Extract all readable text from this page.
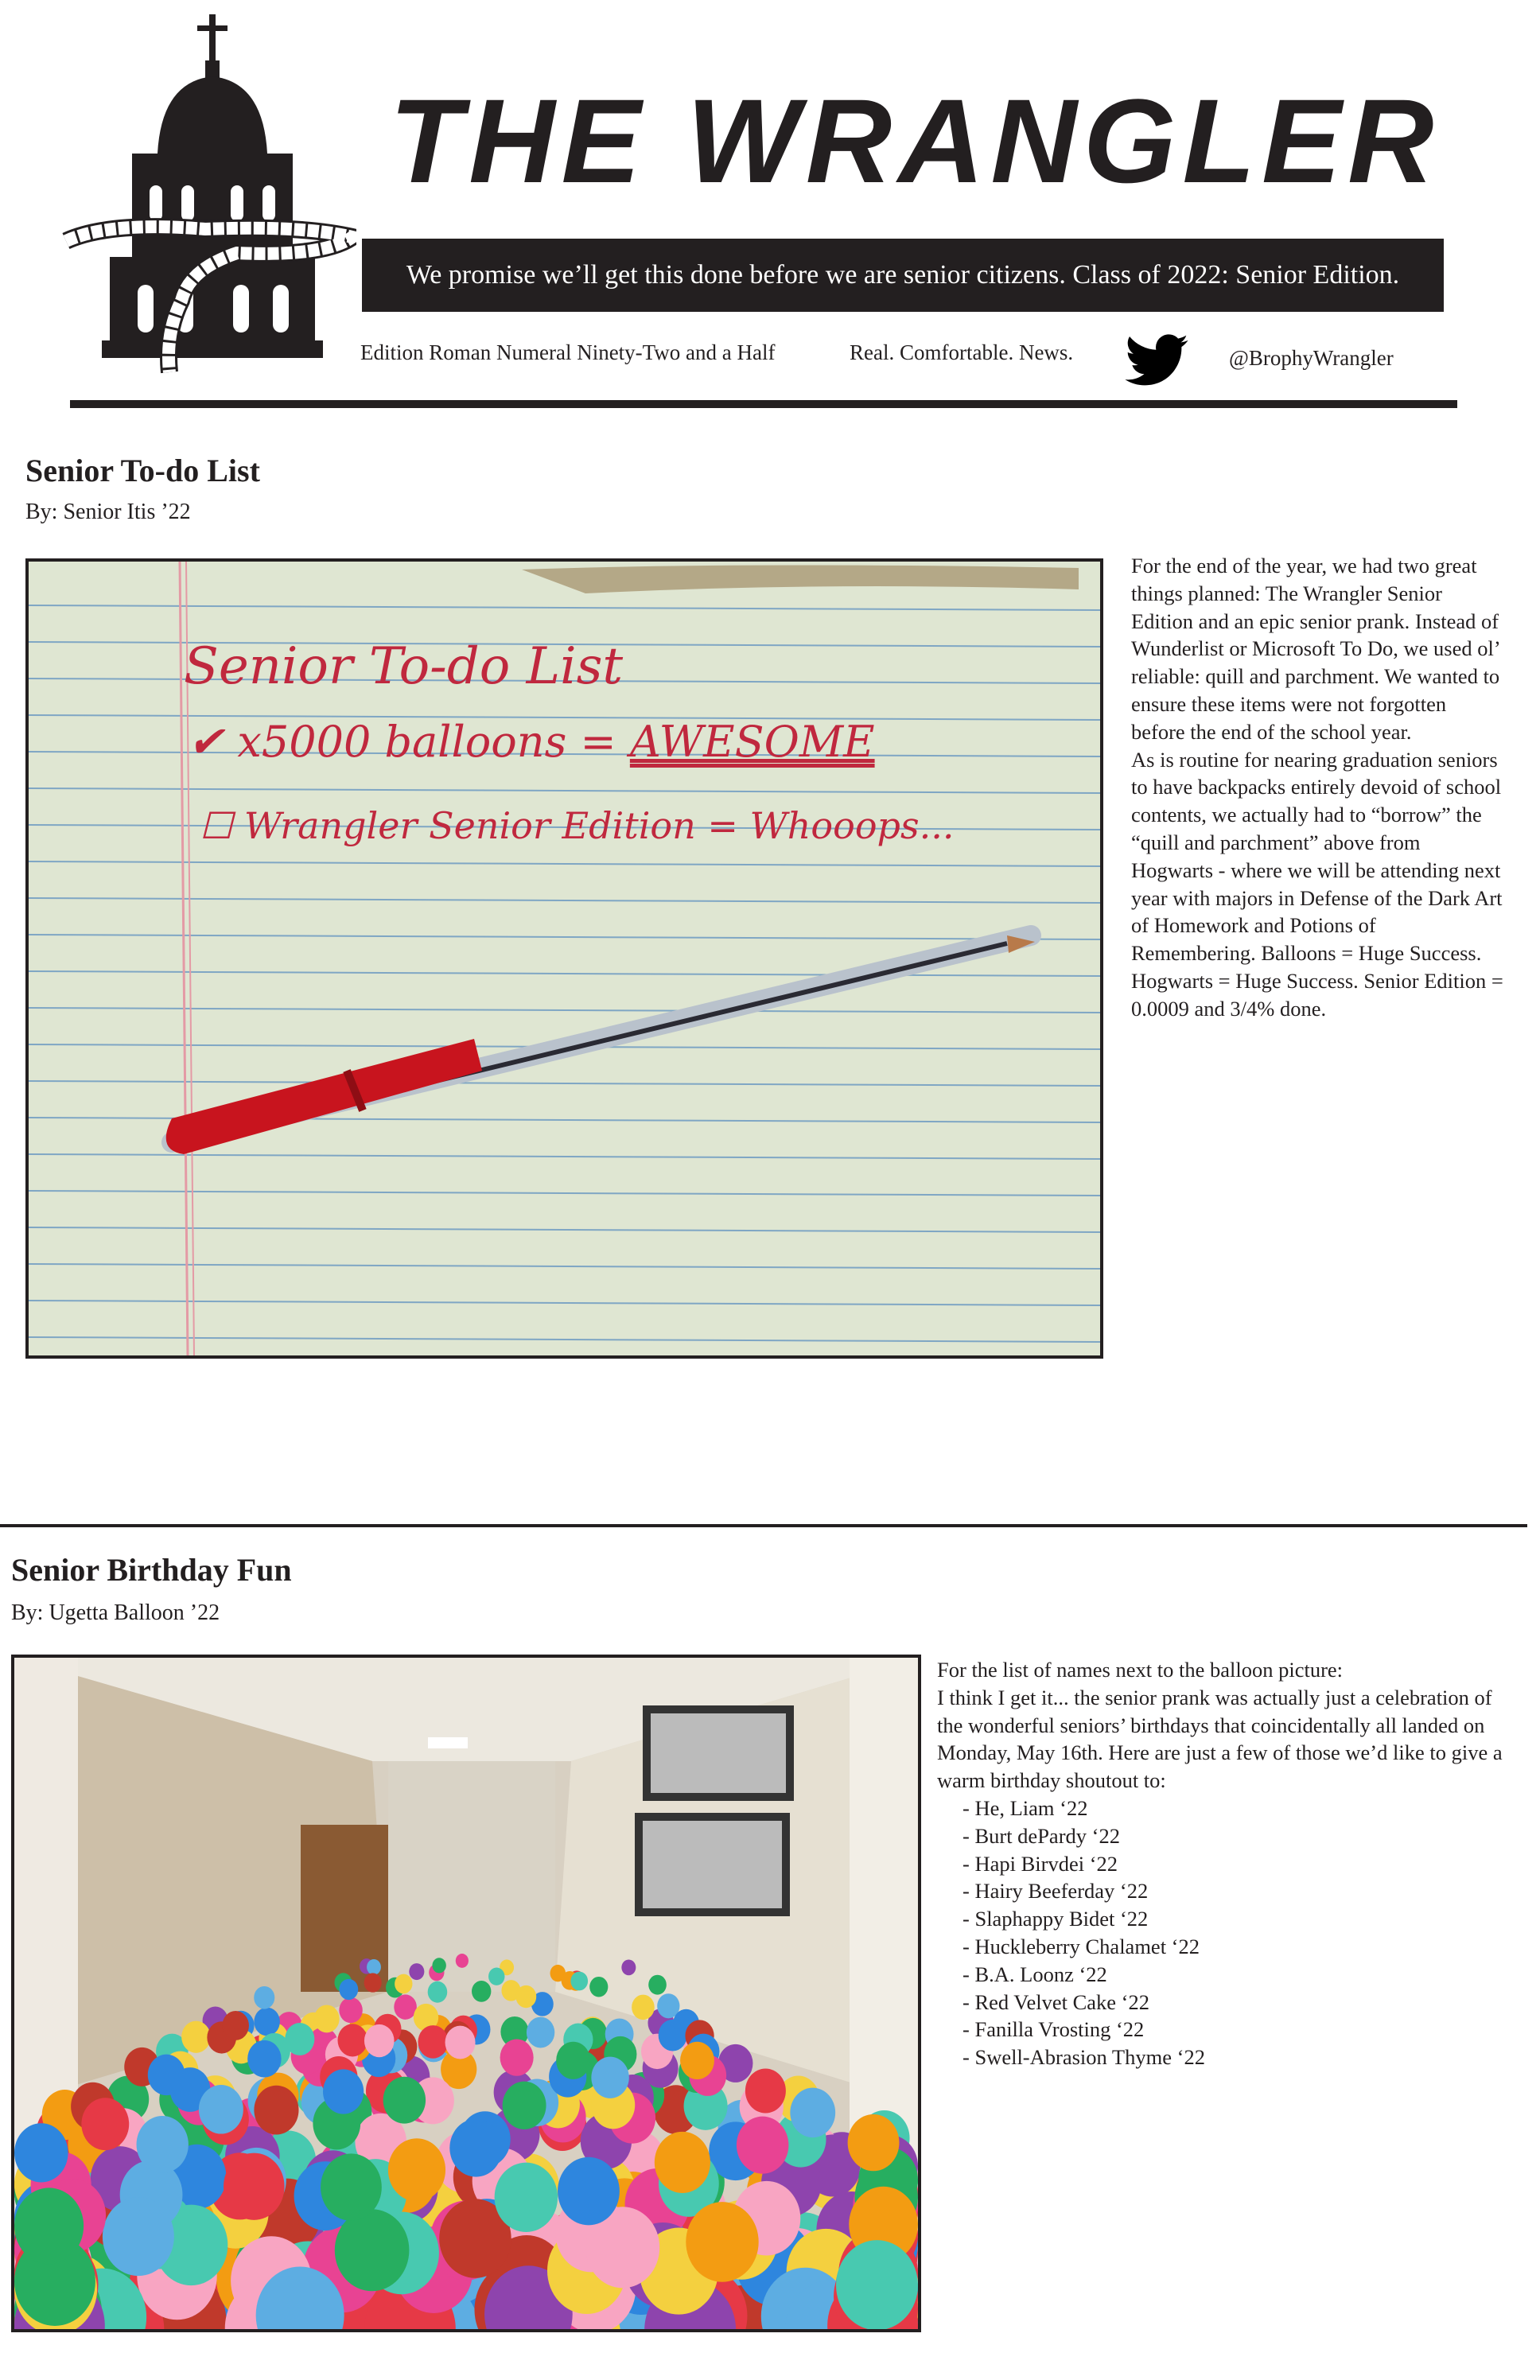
THE WRANGLER
We promise we’ll get this done before we are senior citizens. Class of 2022: Senior Edition.
Edition Roman Numeral Ninety-Two and a Half	Real. Comfortable. News.	@BrophyWrangler
Senior To-do List
By: Senior Itis ’22
Senior To-do List
✔ x5000 balloons = AWESOME
☐ Wrangler Senior Edition = Whooops...

For the end of the year, we had two great things planned: The Wrangler Senior Edition and an epic senior prank. Instead of Wunderlist or Microsoft To Do, we used ol’ reliable: quill and parchment. We wanted to ensure these items were not forgotten before the end of the school year.

As is routine for nearing graduation seniors to have backpacks entirely devoid of school contents, we actually had to “borrow” the “quill and parchment” above from Hogwarts - where we will be attending next year with majors in Defense of the Dark Art of Homework and Potions of Remembering. Balloons = Huge Success. Hogwarts = Huge Success. Senior Edition = 0.0009 and 3/4% done.

Senior Birthday Fun
By: Ugetta Balloon ’22

For the list of names next to the balloon picture:

I think I get it... the senior prank was actually just a celebration of the wonderful seniors’ birthdays that coincidentally all landed on Monday, May 16th. Here are just a few of those we’d like to give a warm birthday shoutout to:

- He, Liam ‘22
- Burt dePardy ‘22
- Hapi Birvdei ‘22
- Hairy Beeferday ‘22
- Slaphappy Bidet ‘22
- Huckleberry Chalamet ‘22
- B.A. Loonz ‘22
- Red Velvet Cake ‘22
- Fanilla Vrosting ‘22
- Swell-Abrasion Thyme ‘22
